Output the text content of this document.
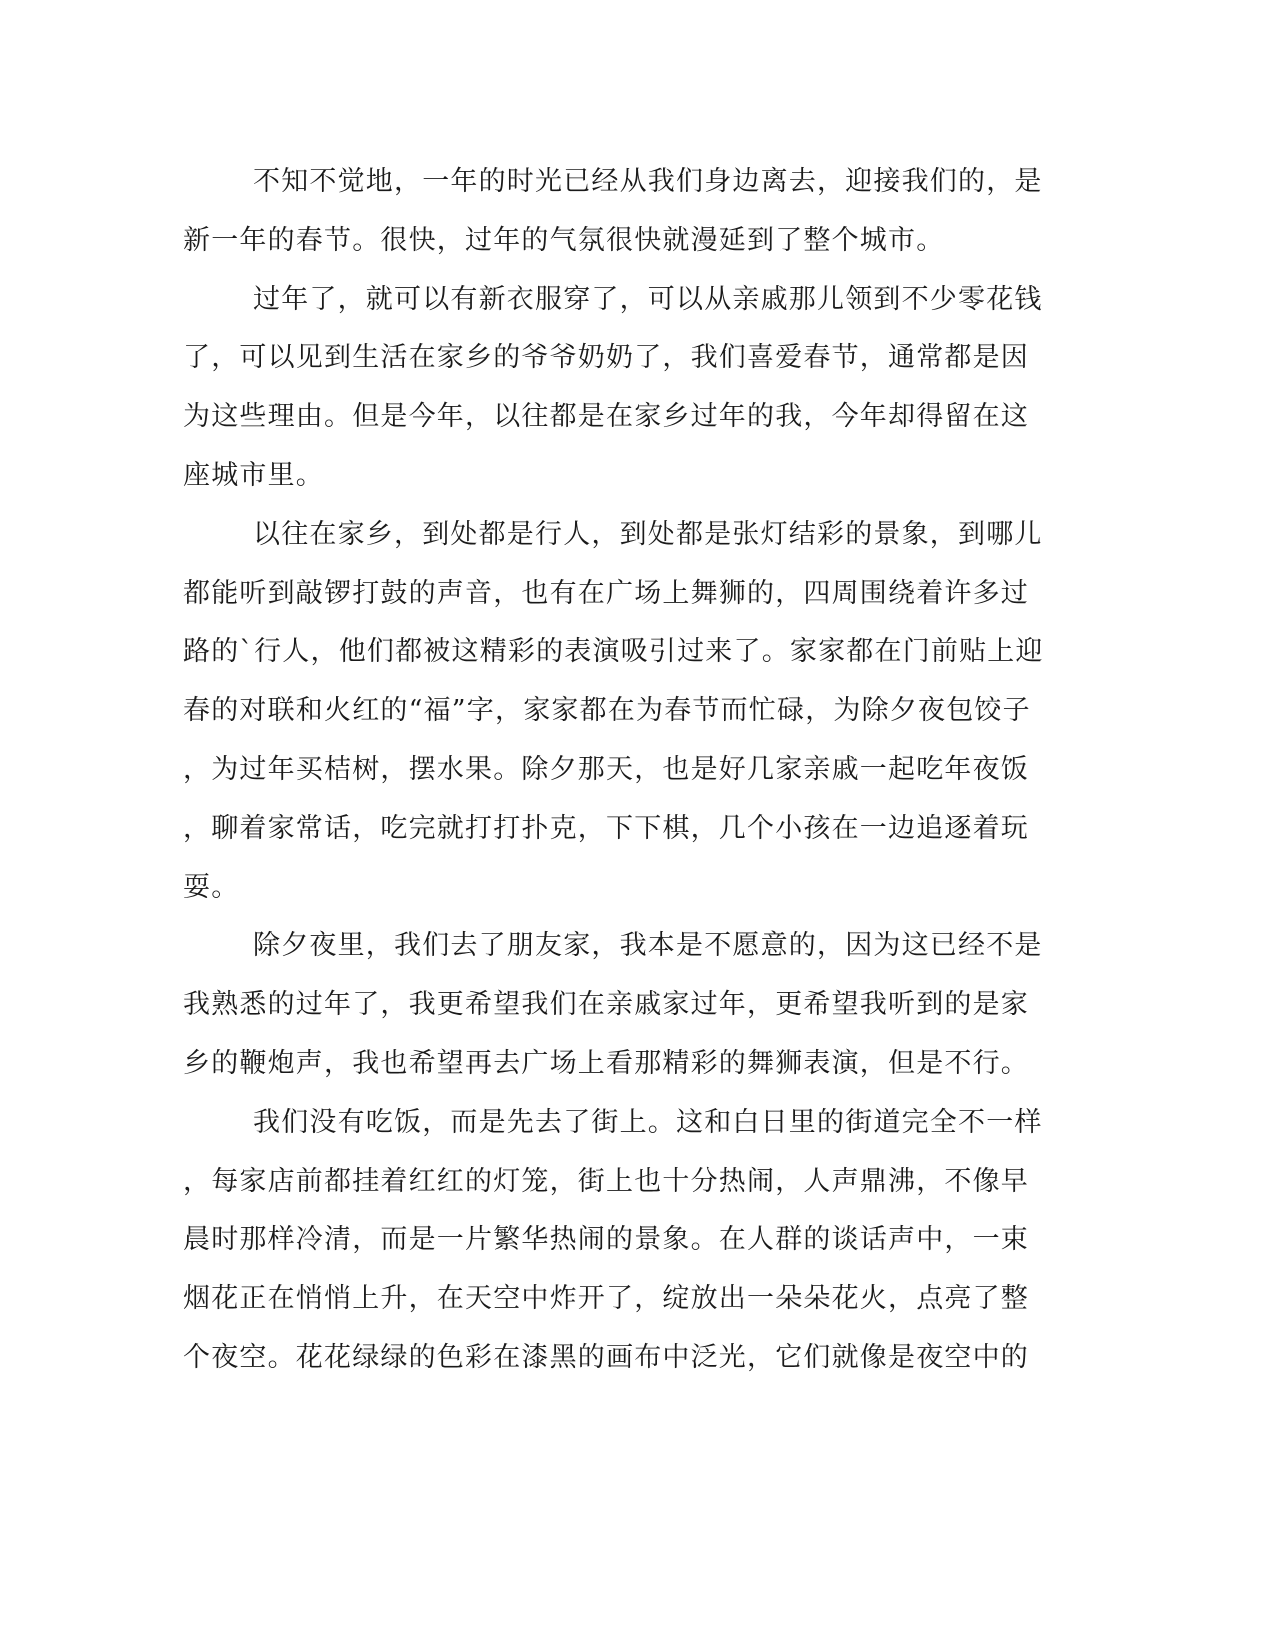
不知不觉地，一年的时光已经从我们身边离去，迎接我们的，是
新一年的春节。很快，过年的气氛很快就漫延到了整个城市。
过年了，就可以有新衣服穿了，可以从亲戚那儿领到不少零花钱
了，可以见到生活在家乡的爷爷奶奶了，我们喜爱春节，通常都是因
为这些理由。但是今年，以往都是在家乡过年的我，今年却得留在这
座城市里。
以往在家乡，到处都是行人，到处都是张灯结彩的景象，到哪儿
都能听到敲锣打鼓的声音，也有在广场上舞狮的，四周围绕着许多过
路的`行人，他们都被这精彩的表演吸引过来了。家家都在门前贴上迎
春的对联和火红的“福”字，家家都在为春节而忙碌，为除夕夜包饺子
，为过年买桔树，摆水果。除夕那天，也是好几家亲戚一起吃年夜饭
，聊着家常话，吃完就打打扑克，下下棋，几个小孩在一边追逐着玩
耍。
除夕夜里，我们去了朋友家，我本是不愿意的，因为这已经不是
我熟悉的过年了，我更希望我们在亲戚家过年，更希望我听到的是家
乡的鞭炮声，我也希望再去广场上看那精彩的舞狮表演，但是不行。
我们没有吃饭，而是先去了街上。这和白日里的街道完全不一样
，每家店前都挂着红红的灯笼，街上也十分热闹，人声鼎沸，不像早
晨时那样冷清，而是一片繁华热闹的景象。在人群的谈话声中，一束
烟花正在悄悄上升，在天空中炸开了，绽放出一朵朵花火，点亮了整
个夜空。花花绿绿的色彩在漆黑的画布中泛光，它们就像是夜空中的
